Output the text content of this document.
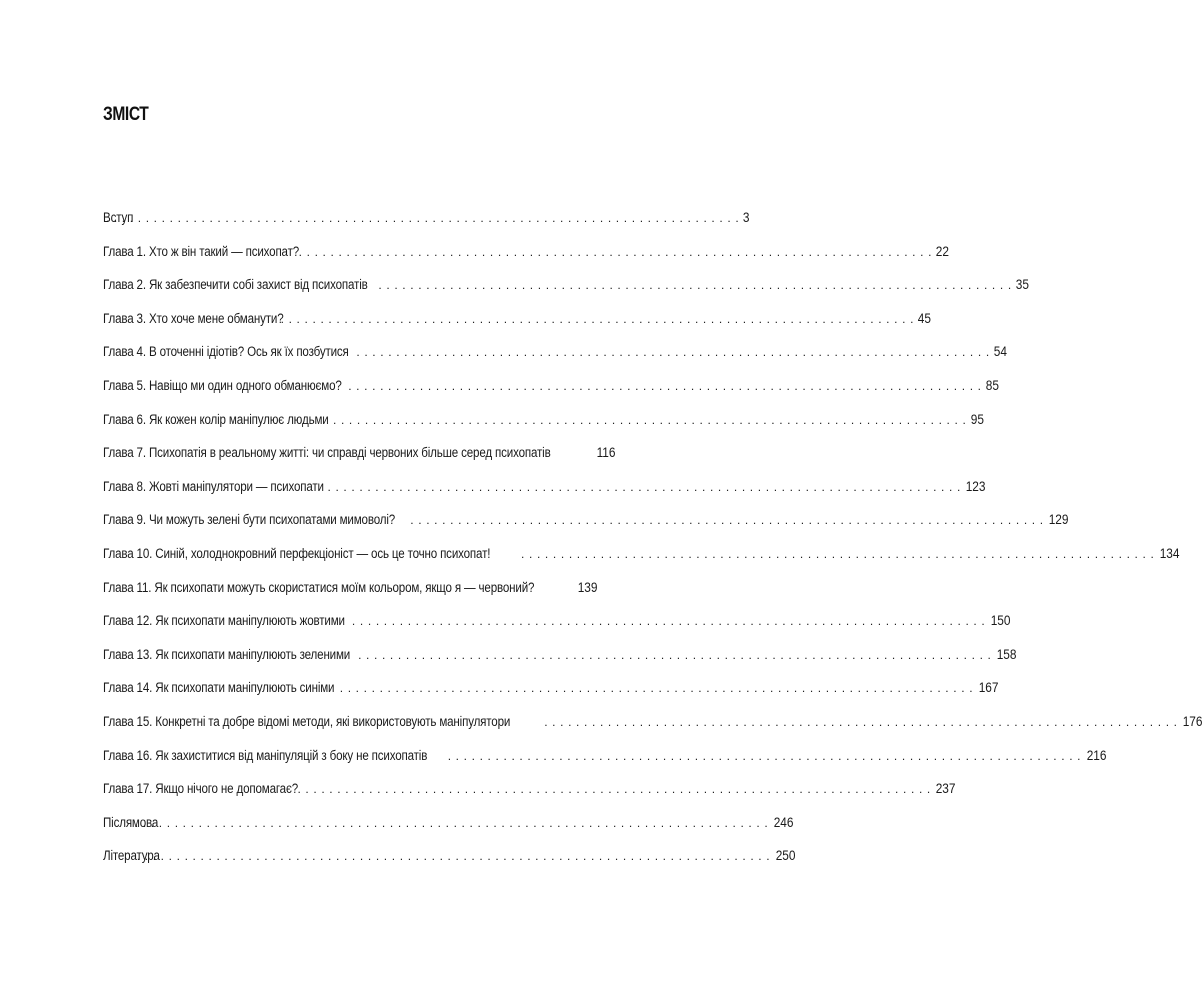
ЗМІСТ
Вступ . . .	3
Глава 1. Хто ж він такий — психопат? . . .	22
Глава 2. Як забезпечити собі захист від психопатів . . .	35
Глава 3. Хто хоче мене обманути? . . .	45
Глава 4. В оточенні ідіотів? Ось як їх позбутися . . .	54
Глава 5. Навіщо ми один одного обманюємо? . . .	85
Глава 6. Як кожен колір маніпулює людьми . . .	95
Глава 7. Психопатія в реальному житті: чи справді червоних більше серед психопатів	116
Глава 8. Жовті маніпулятори — психопати . . .	123
Глава 9. Чи можуть зелені бути психопатами мимоволі? . . .	129
Глава 10. Синій, холоднокровний перфекціоніст — ось це точно психопат! . . .	134
Глава 11. Як психопати можуть скористатися моїм кольором, якщо я — червоний?	139
Глава 12. Як психопати маніпулюють жовтими . . .	150
Глава 13. Як психопати маніпулюють зеленими . . .	158
Глава 14. Як психопати маніпулюють синіми . . .	167
Глава 15. Конкретні та добре відомі методи, які використовують маніпулятори . . .	176
Глава 16. Як захиститися від маніпуляцій з боку не психопатів . . .	216
Глава 17. Якщо нічого не допомагає? . . .	237
Післямова . . .	246
Література . . .	250
